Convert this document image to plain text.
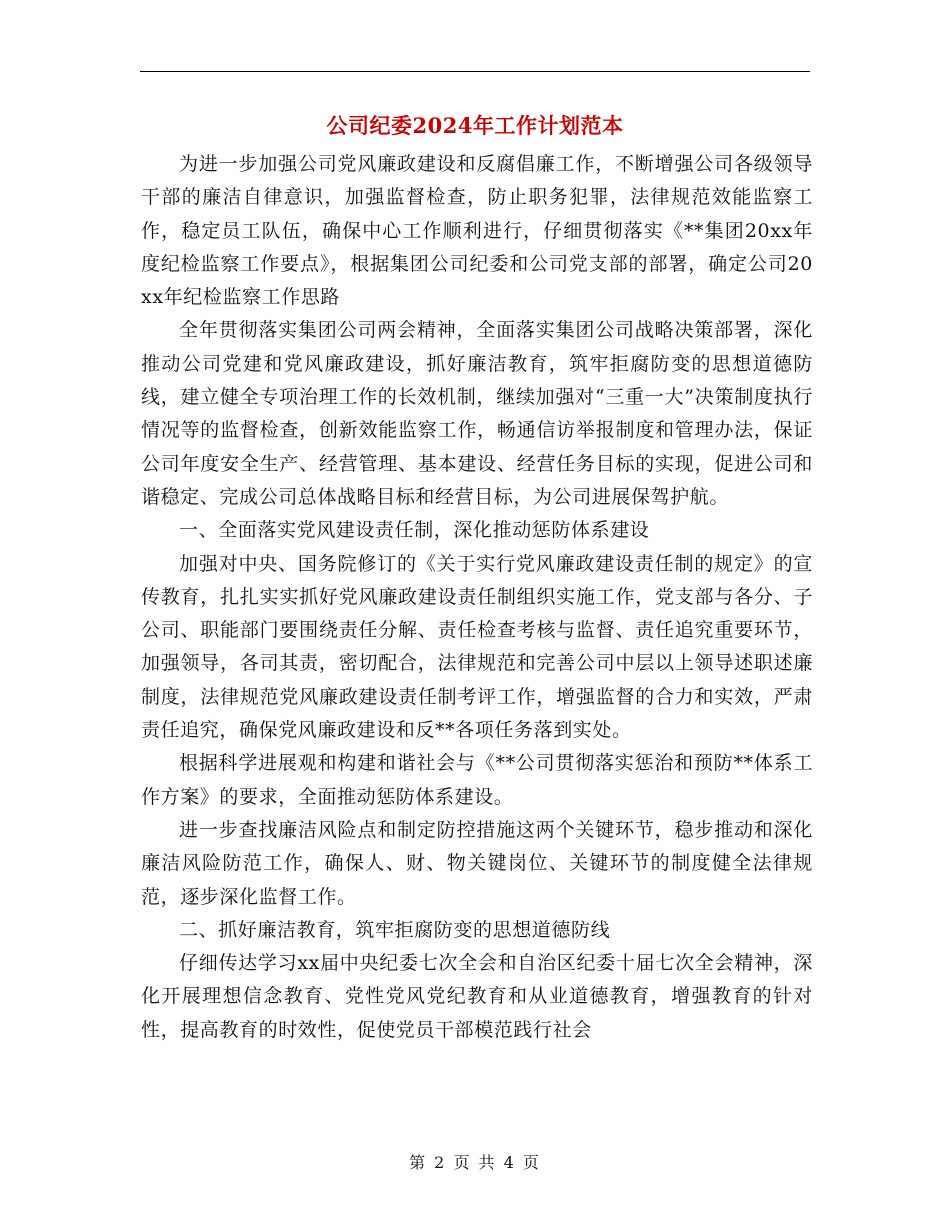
公司纪委2024年工作计划范本

为进一步加强公司党风廉政建设和反腐倡廉工作，不断增强公司各级领导干部的廉洁自律意识，加强监督检查，防止职务犯罪，法律规范效能监察工作，稳定员工队伍，确保中心工作顺利进行，仔细贯彻落实《**集团20xx年度纪检监察工作要点》，根据集团公司纪委和公司党支部的部署，确定公司20xx年纪检监察工作思路

全年贯彻落实集团公司两会精神，全面落实集团公司战略决策部署，深化推动公司党建和党风廉政建设，抓好廉洁教育，筑牢拒腐防变的思想道德防线，建立健全专项治理工作的长效机制，继续加强对“三重一大”决策制度执行情况等的监督检查，创新效能监察工作，畅通信访举报制度和管理办法，保证公司年度安全生产、经营管理、基本建设、经营任务目标的实现，促进公司和谐稳定、完成公司总体战略目标和经营目标，为公司进展保驾护航。

一、全面落实党风建设责任制，深化推动惩防体系建设

加强对中央、国务院修订的《关于实行党风廉政建设责任制的规定》的宣传教育，扎扎实实抓好党风廉政建设责任制组织实施工作，党支部与各分、子公司、职能部门要围绕责任分解、责任检查考核与监督、责任追究重要环节，加强领导，各司其责，密切配合，法律规范和完善公司中层以上领导述职述廉制度，法律规范党风廉政建设责任制考评工作，增强监督的合力和实效，严肃责任追究，确保党风廉政建设和反**各项任务落到实处。

根据科学进展观和构建和谐社会与《**公司贯彻落实惩治和预防**体系工作方案》的要求，全面推动惩防体系建设。

进一步查找廉洁风险点和制定防控措施这两个关键环节，稳步推动和深化廉洁风险防范工作，确保人、财、物关键岗位、关键环节的制度健全法律规范，逐步深化监督工作。

二、抓好廉洁教育，筑牢拒腐防变的思想道德防线

仔细传达学习xx届中央纪委七次全会和自治区纪委十届七次全会精神，深化开展理想信念教育、党性党风党纪教育和从业道德教育，增强教育的针对性，提高教育的时效性，促使党员干部模范践行社会

第 2 页 共 4 页
